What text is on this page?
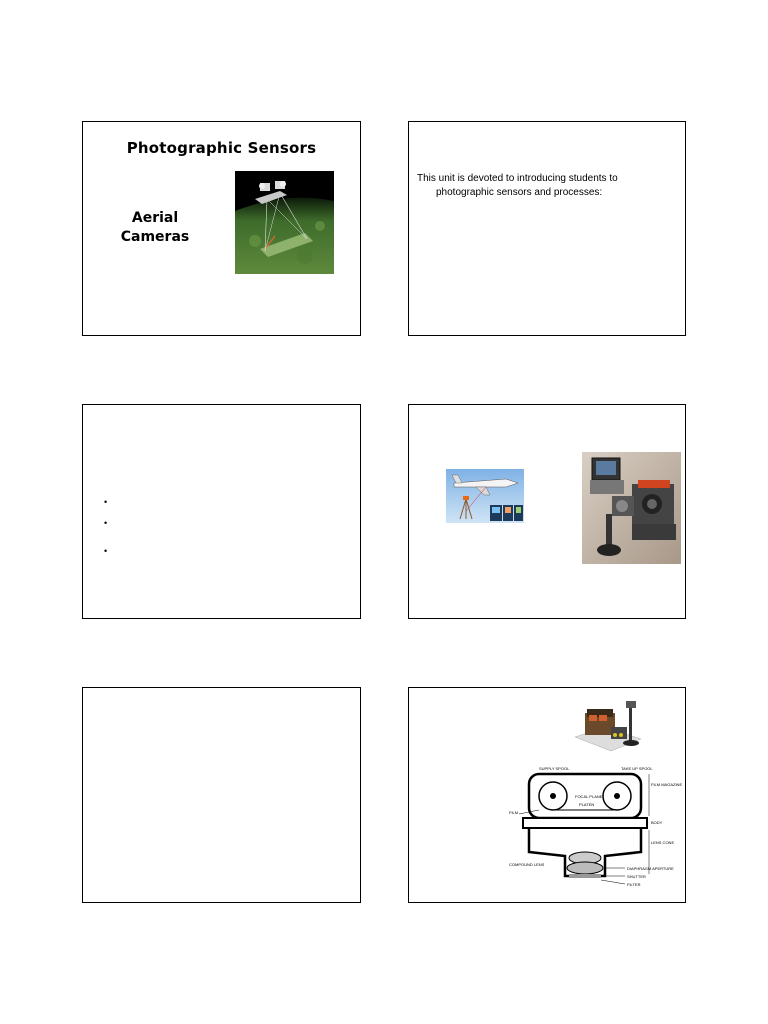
Photographic Sensors
Aerial
Cameras
This unit is devoted to introducing students to
photographic sensors and processes:
•
•
•
SUPPLY SPOOL	TAKE UP SPOOL
FILM MAGAZINE
FOCAL PLANE
PLATEN
FILM
BODY
LENS CONE
COMPOUND LENS
DIAPHRAGM APERTURE
SHUTTER
FILTER
